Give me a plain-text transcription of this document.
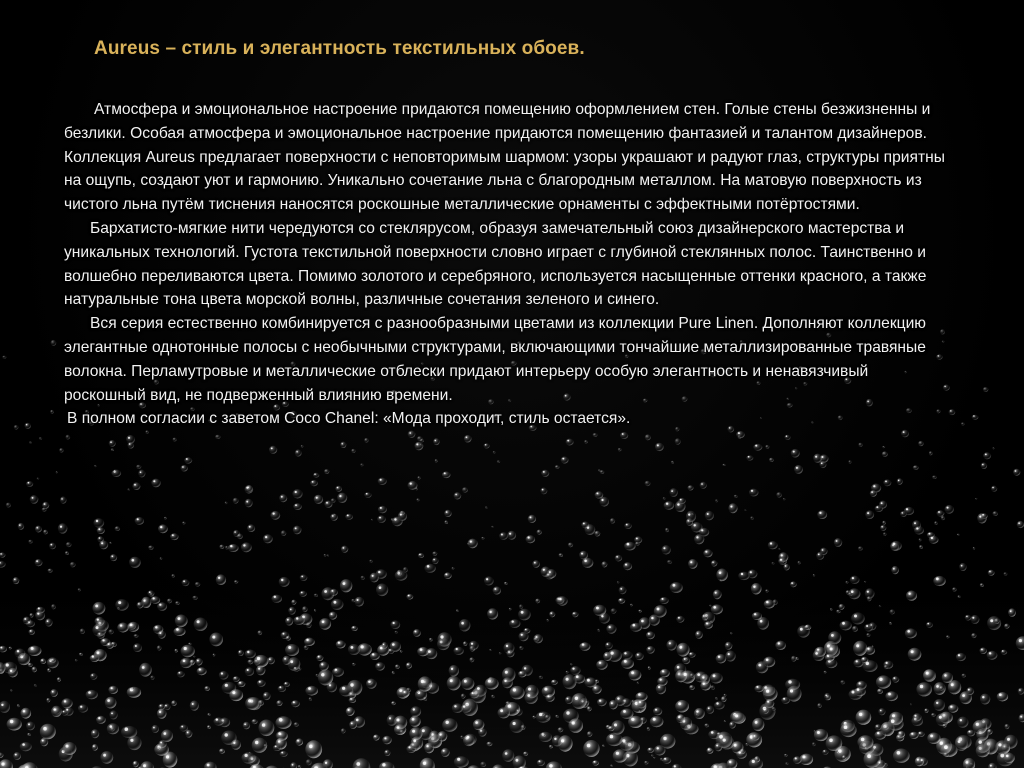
Aureus – стиль и элегантность текстильных обоев.

Атмосфера и эмоциональное настроение придаются помещению оформлением стен. Голые стены безжизненны и безлики. Особая атмосфера и эмоциональное настроение придаются помещению фантазией и талантом дизайнеров. Коллекция Aureus предлагает поверхности с неповторимым шармом: узоры украшают и радуют глаз, структуры приятны на ощупь, создают уют и гармонию. Уникально сочетание льна с благородным металлом. На матовую поверхность из чистого льна путём тиснения наносятся роскошные металлические орнаменты с эффектными потёртостями.

Бархатисто-мягкие нити чередуются со стеклярусом, образуя замечательный союз дизайнерского мастерства и уникальных технологий. Густота текстильной поверхности словно играет с глубиной стеклянных полос. Таинственно и волшебно переливаются цвета. Помимо золотого и серебряного, используется насыщенные оттенки красного, а также натуральные тона цвета морской волны, различные сочетания зеленого и синего.

Вся серия естественно комбинируется с разнообразными цветами из коллекции Pure Linen. Дополняют коллекцию элегантные однотонные полосы с необычными структурами, включающими тончайшие металлизированные травяные волокна. Перламутровые и металлические отблески придают интерьеру особую элегантность и ненавязчивый роскошный вид, не подверженный влиянию времени.

В полном согласии с заветом Coco Chanel: «Мода проходит, стиль остается».
